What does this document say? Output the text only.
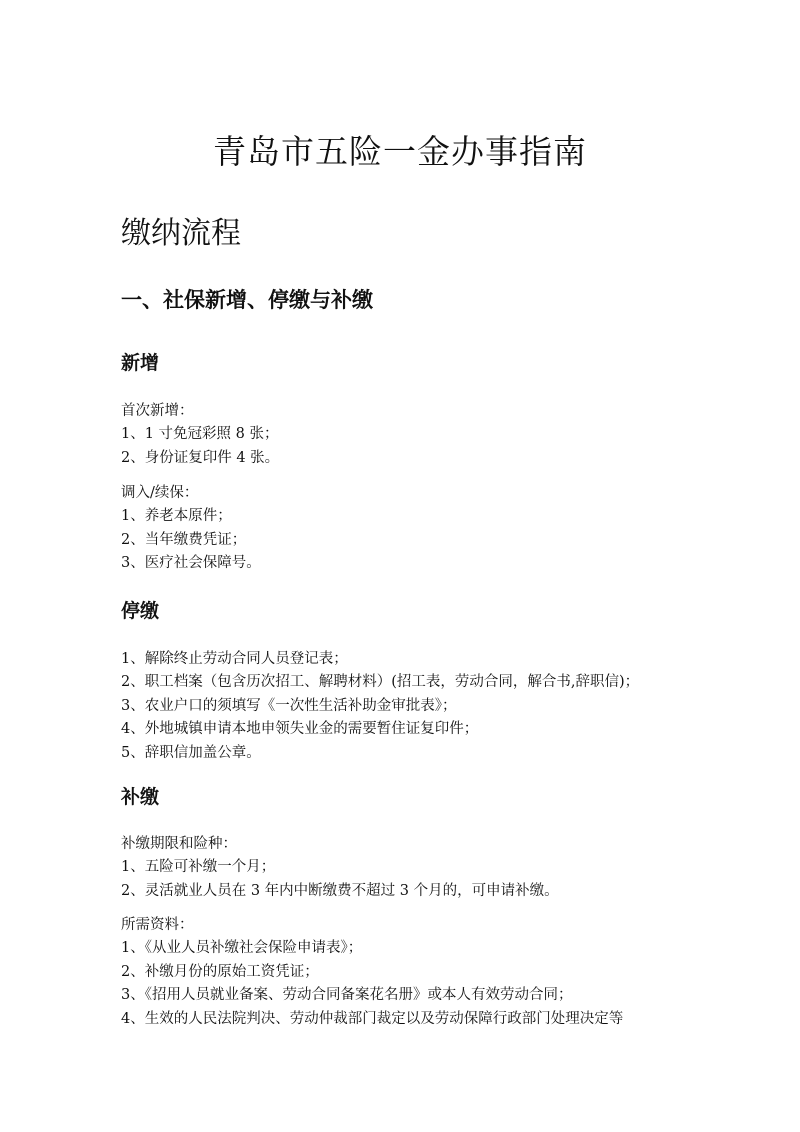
青岛市五险一金办事指南
缴纳流程
一、社保新增、停缴与补缴
新增
首次新增：
1、1 寸免冠彩照 8 张；
2、身份证复印件 4 张。
调入/续保：
1、养老本原件；
2、当年缴费凭证；
3、医疗社会保障号。
停缴
1、解除终止劳动合同人员登记表；
2、职工档案（包含历次招工、解聘材料）(招工表，劳动合同，解合书,辞职信)；
3、农业户口的须填写《一次性生活补助金审批表》；
4、外地城镇申请本地申领失业金的需要暂住证复印件；
5、辞职信加盖公章。
补缴
补缴期限和险种：
1、五险可补缴一个月；
2、灵活就业人员在 3 年内中断缴费不超过 3 个月的，可申请补缴。
所需资料：
1、《从业人员补缴社会保险申请表》；
2、补缴月份的原始工资凭证；
3、《招用人员就业备案、劳动合同备案花名册》或本人有效劳动合同；
4、生效的人民法院判决、劳动仲裁部门裁定以及劳动保障行政部门处理决定等
